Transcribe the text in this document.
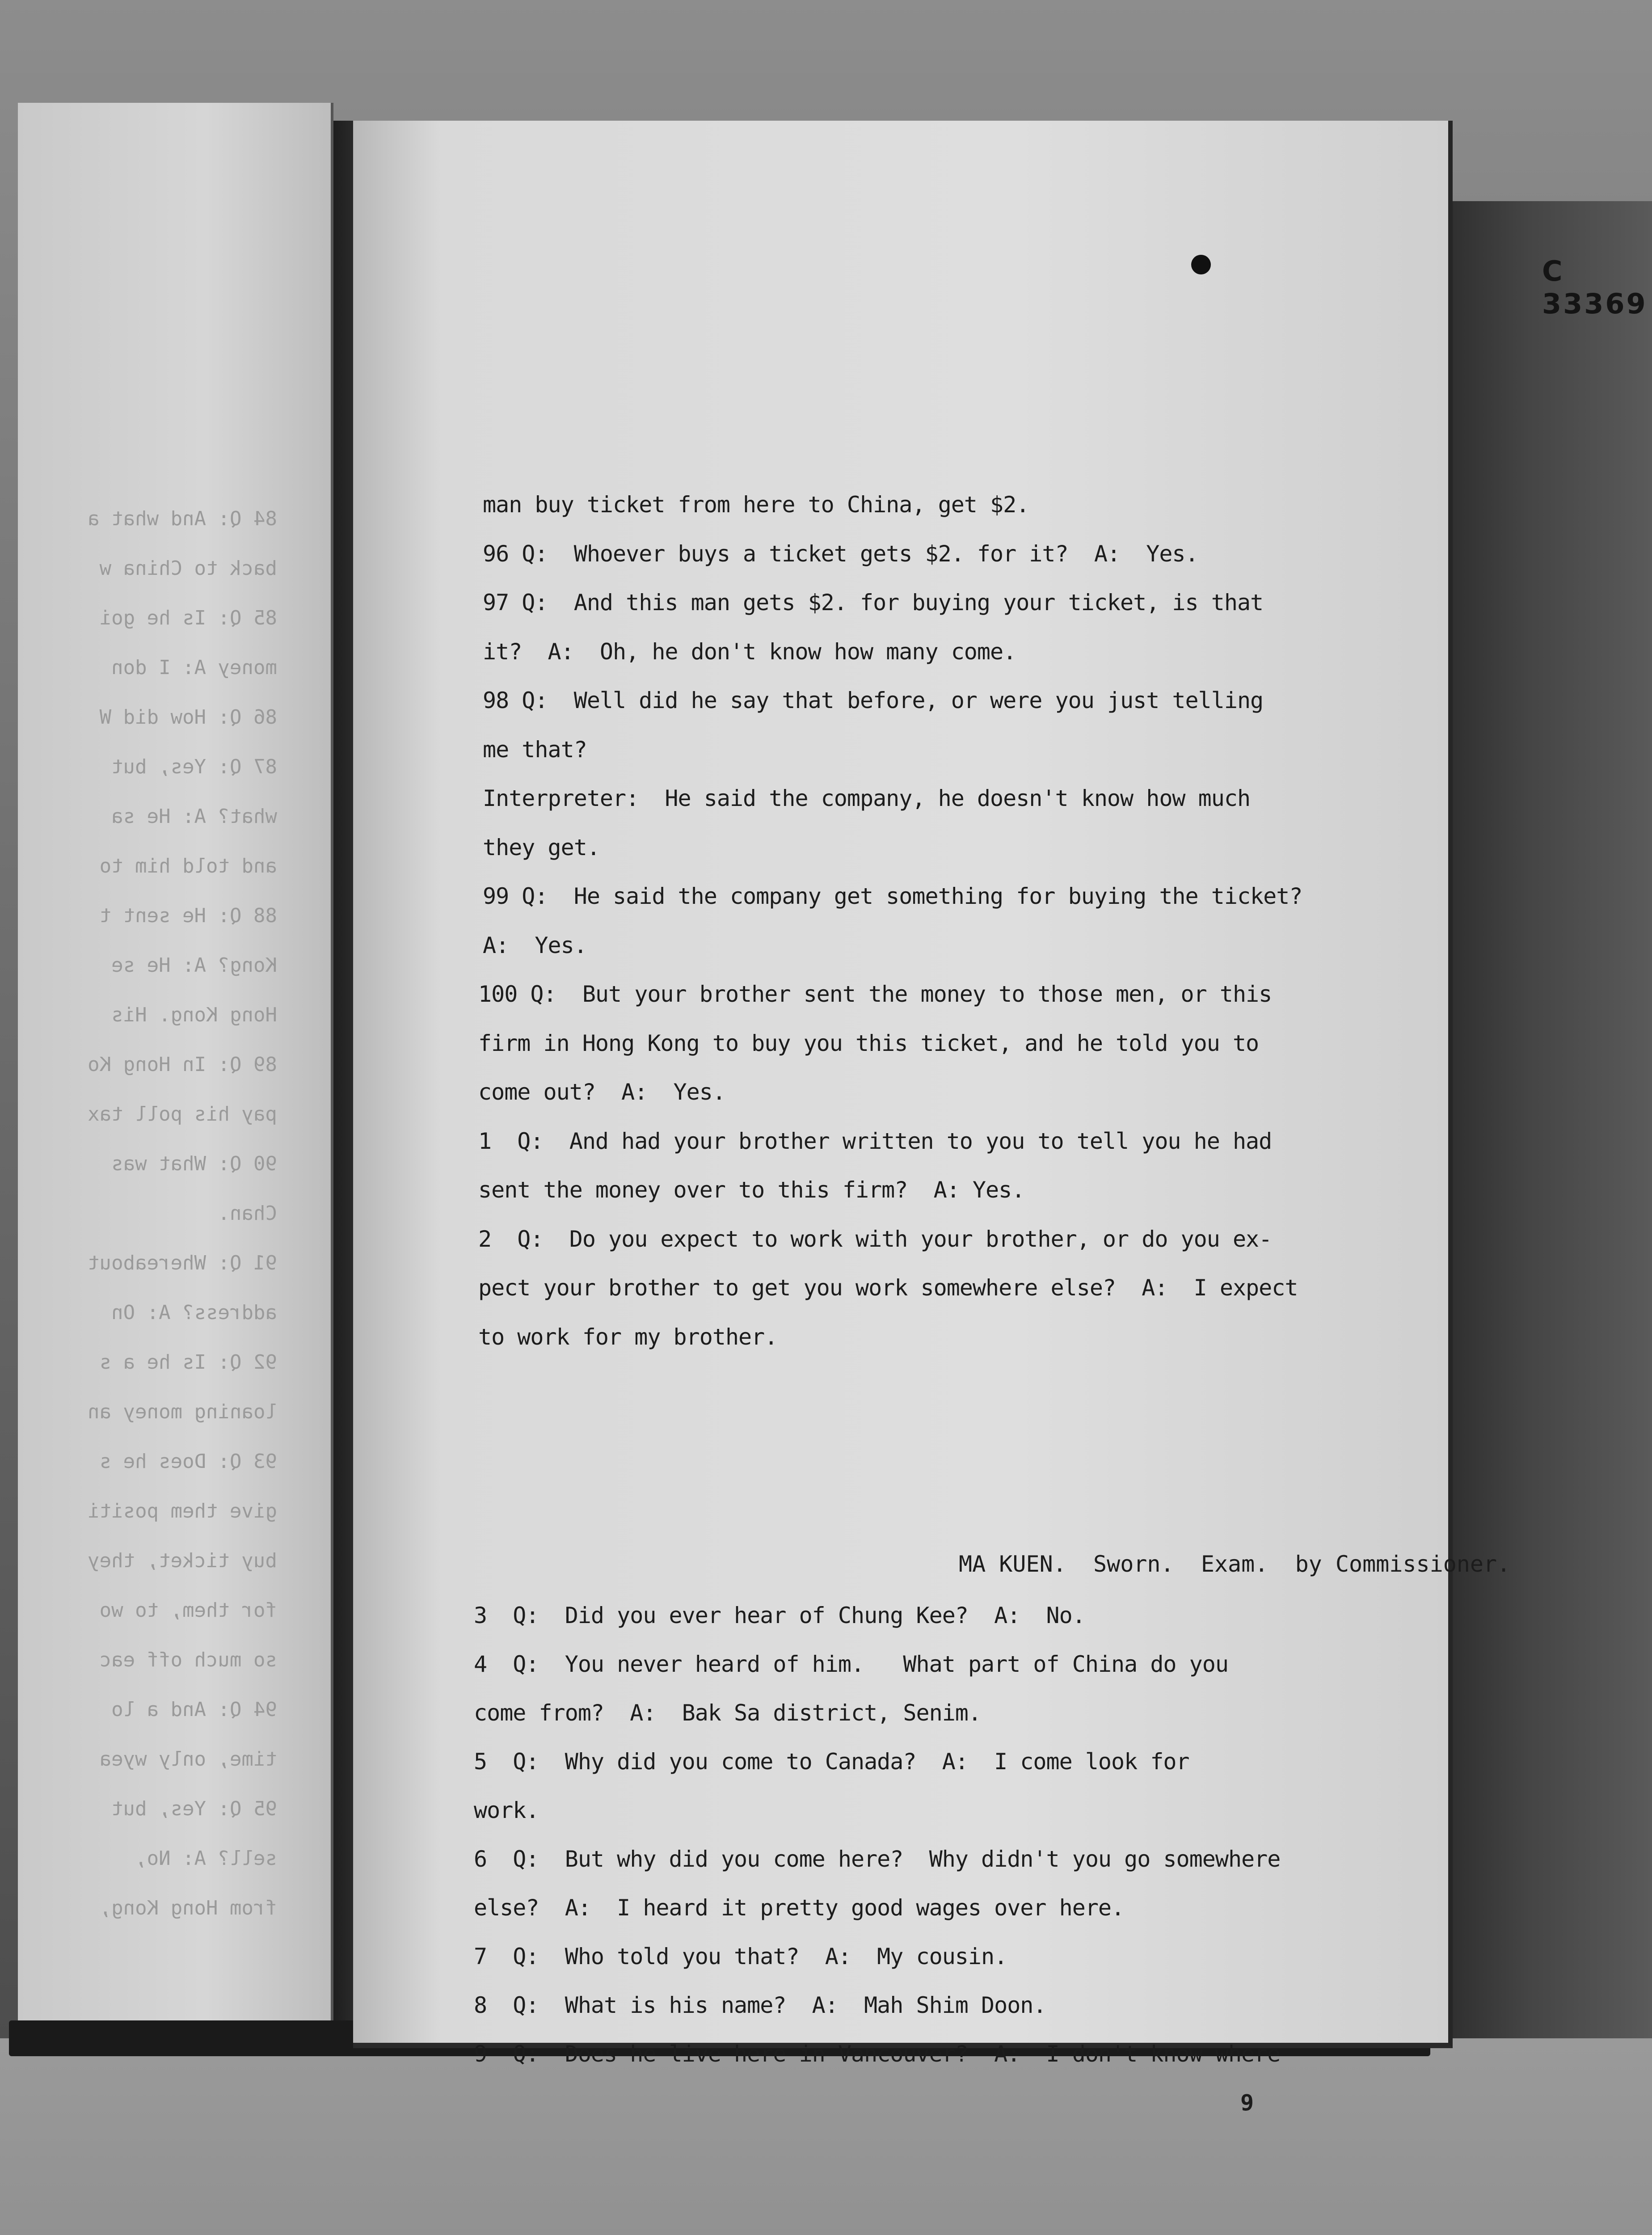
84 Q: And what a
back to China w
85 Q: Is he goi
money A: I don
86 Q: How did W
87 Q: Yes, but
what? A: He sa
and told him to
88 Q: He sent t
Kong? A: He se
Hong Kong. His
89 Q: In Hong Ko
pay his poll tax
90 Q: What was
Chan.
91 Q: Whereabout
address? A: On
92 Q: Is he a s
loaning money an
93 Q: Does he s
give them positi
buy ticket, they
for them, to wo
so much off eac
94 Q: And a lo
time, only wyea
95 Q: Yes, but
sell? A: No,
from Hong Kong,
C 33369
man buy ticket from here to China, get $2.
96 Q:  Whoever buys a ticket gets $2. for it?  A:  Yes.
97 Q:  And this man gets $2. for buying your ticket, is that
it?  A:  Oh, he don't know how many come.
98 Q:  Well did he say that before, or were you just telling
me that?
Interpreter:  He said the company, he doesn't know how much
they get.
99 Q:  He said the company get something for buying the ticket?
A:  Yes.
100 Q:  But your brother sent the money to those men, or this
firm in Hong Kong to buy you this ticket, and he told you to
come out?  A:  Yes.
1  Q:  And had your brother written to you to tell you he had
sent the money over to this firm?  A: Yes.
2  Q:  Do you expect to work with your brother, or do you ex-
pect your brother to get you work somewhere else?  A:  I expect
to work for my brother.
MA KUEN.  Sworn.  Exam.  by Commissioner.
3  Q:  Did you ever hear of Chung Kee?  A:  No.
4  Q:  You never heard of him.   What part of China do you
come from?  A:  Bak Sa district, Senim.
5  Q:  Why did you come to Canada?  A:  I come look for
work.
6  Q:  But why did you come here?  Why didn't you go somewhere
else?  A:  I heard it pretty good wages over here.
7  Q:  Who told you that?  A:  My cousin.
8  Q:  What is his name?  A:  Mah Shim Doon.
9  Q:  Does he live here in Vancouver?  A:  I don't know where
9
